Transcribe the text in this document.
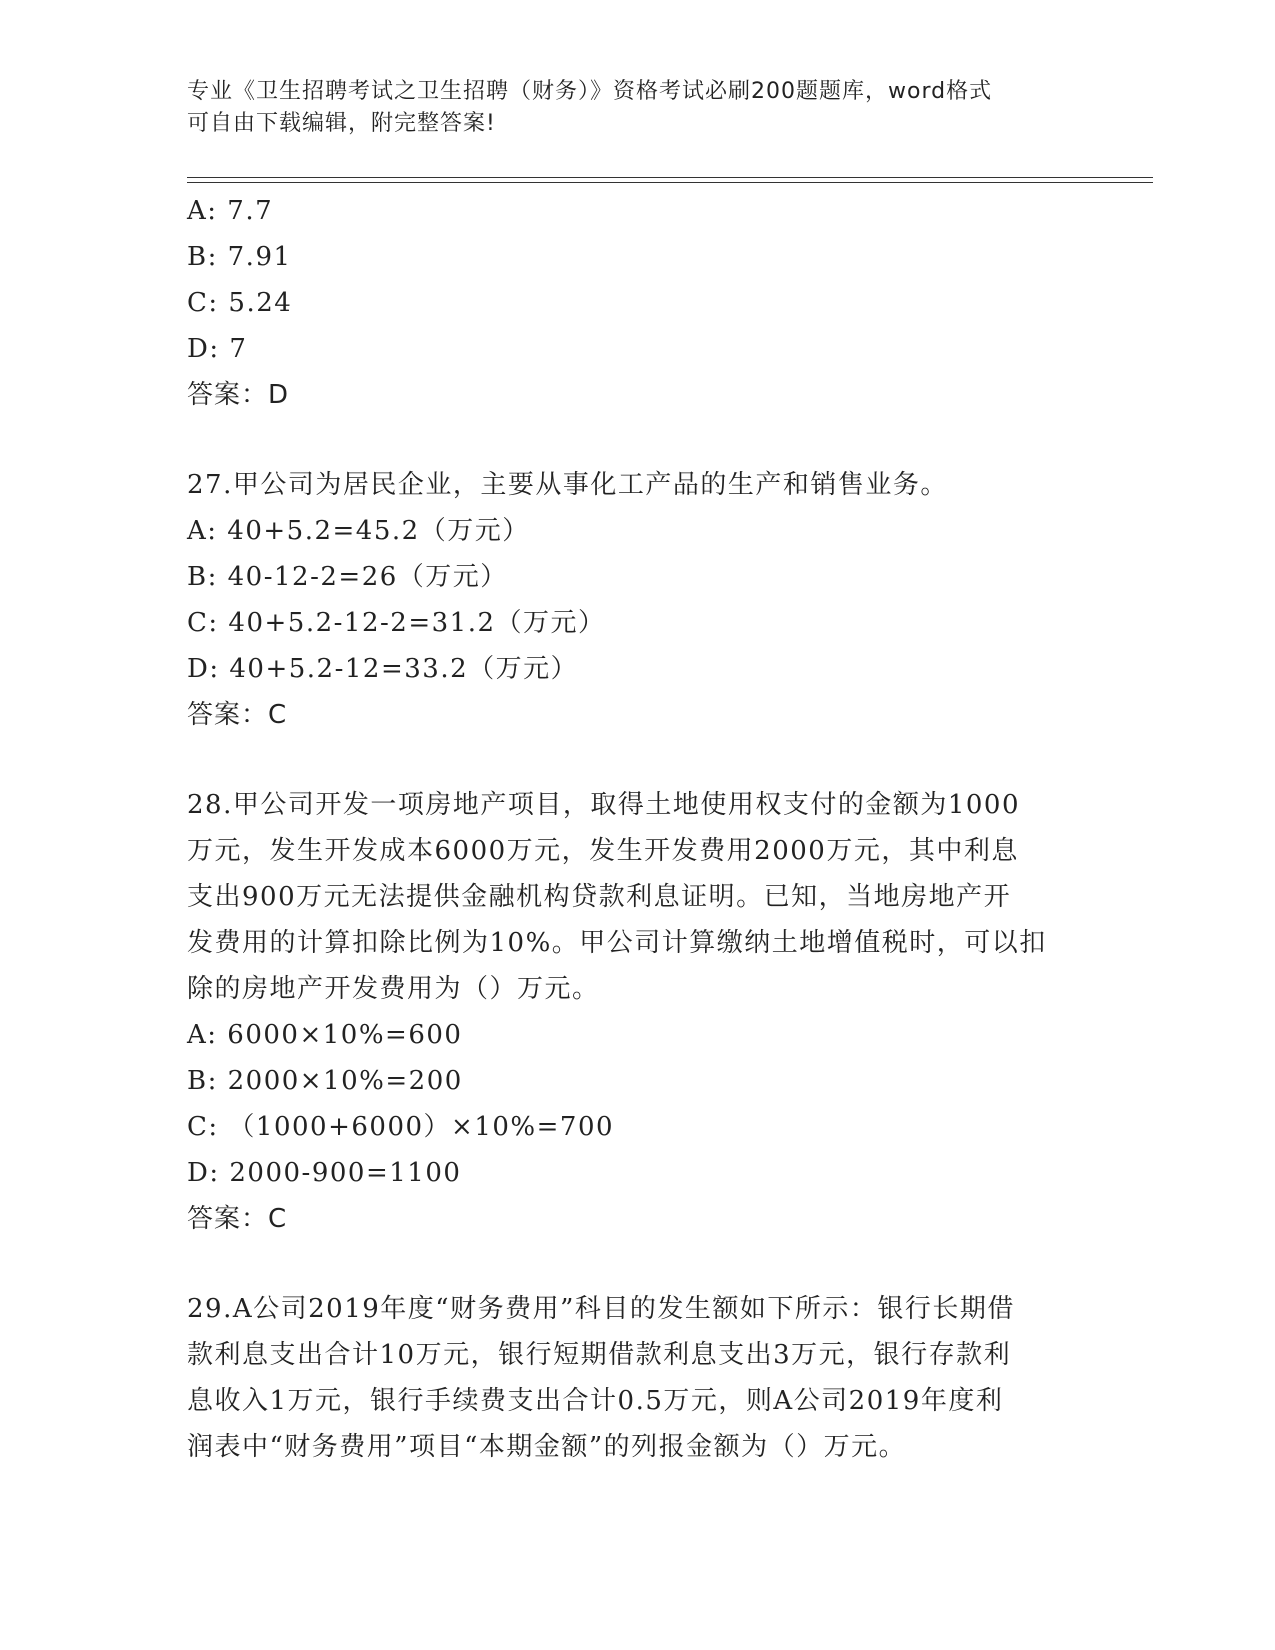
专业《卫生招聘考试之卫生招聘（财务）》资格考试必刷200题题库，word格式
可自由下载编辑，附完整答案!
A: 7.7
B: 7.91
C: 5.24
D: 7
答案：D
27.甲公司为居民企业，主要从事化工产品的生产和销售业务。
A: 40+5.2=45.2（万元）
B: 40-12-2=26（万元）
C: 40+5.2-12-2=31.2（万元）
D: 40+5.2-12=33.2（万元）
答案：C
28.甲公司开发一项房地产项目，取得土地使用权支付的金额为1000
万元，发生开发成本6000万元，发生开发费用2000万元，其中利息
支出900万元无法提供金融机构贷款利息证明。已知，当地房地产开
发费用的计算扣除比例为10%。甲公司计算缴纳土地增值税时，可以扣
除的房地产开发费用为（）万元。
A: 6000×10%=600
B: 2000×10%=200
C: （1000+6000）×10%=700
D: 2000-900=1100
答案：C
29.A公司2019年度“财务费用”科目的发生额如下所示：银行长期借
款利息支出合计10万元，银行短期借款利息支出3万元，银行存款利
息收入1万元，银行手续费支出合计0.5万元，则A公司2019年度利
润表中“财务费用”项目“本期金额”的列报金额为（）万元。
